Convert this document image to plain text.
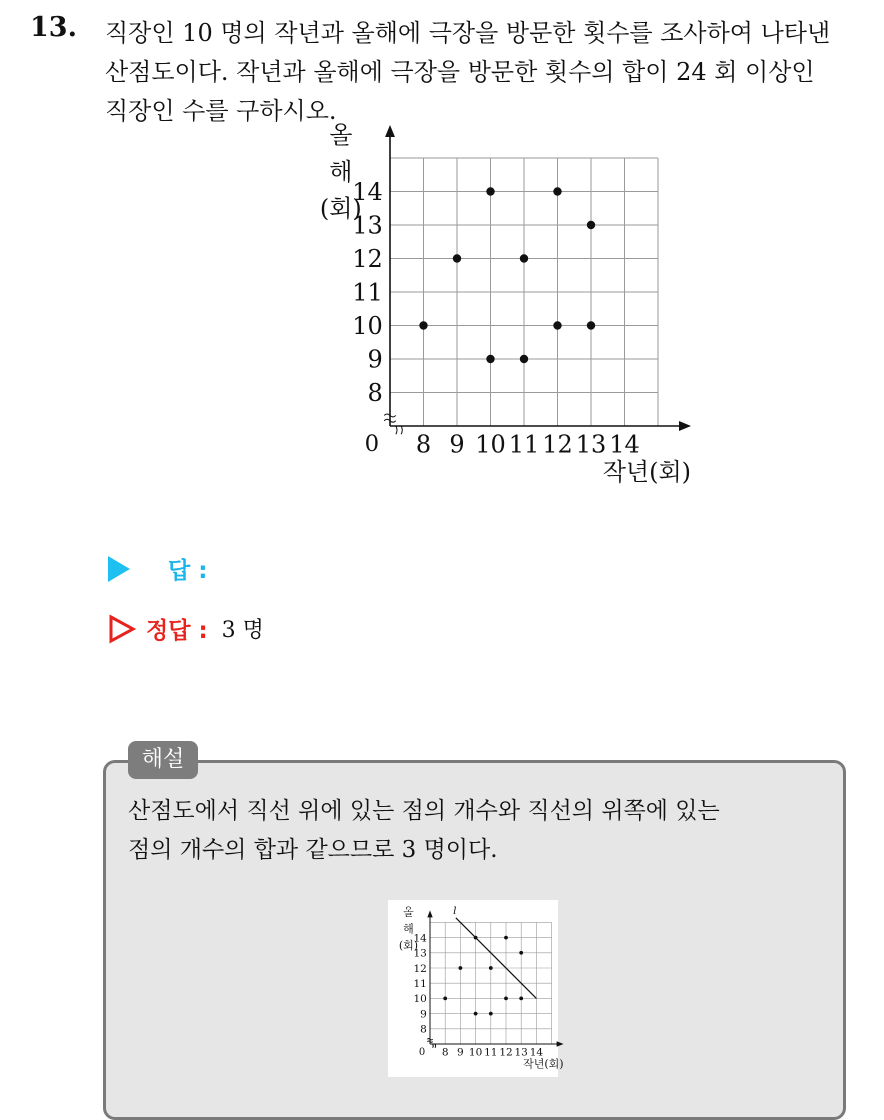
13. 직장인 10 명의 작년과 올해에 극장을 방문한 횟수를 조사하여 나타낸
산점도이다. 작년과 올해에 극장을 방문한 횟수의 합이 24 회 이상인
직장인 수를 구하시오.
8 9 10 11 12 13 14
8
9
10
11
12
13
14
0
작년(회)
올
해
(회)
답 :
정답 : 3 명
해설
산점도에서 직선 위에 있는 점의 개수와 직선의 위쪽에 있는
점의 개수의 합과 같으므로 3 명이다.
8 9 10 11 12 13 14
8
9
10
11
12
13
14
0
작년(회)
올
해
(회)
l
